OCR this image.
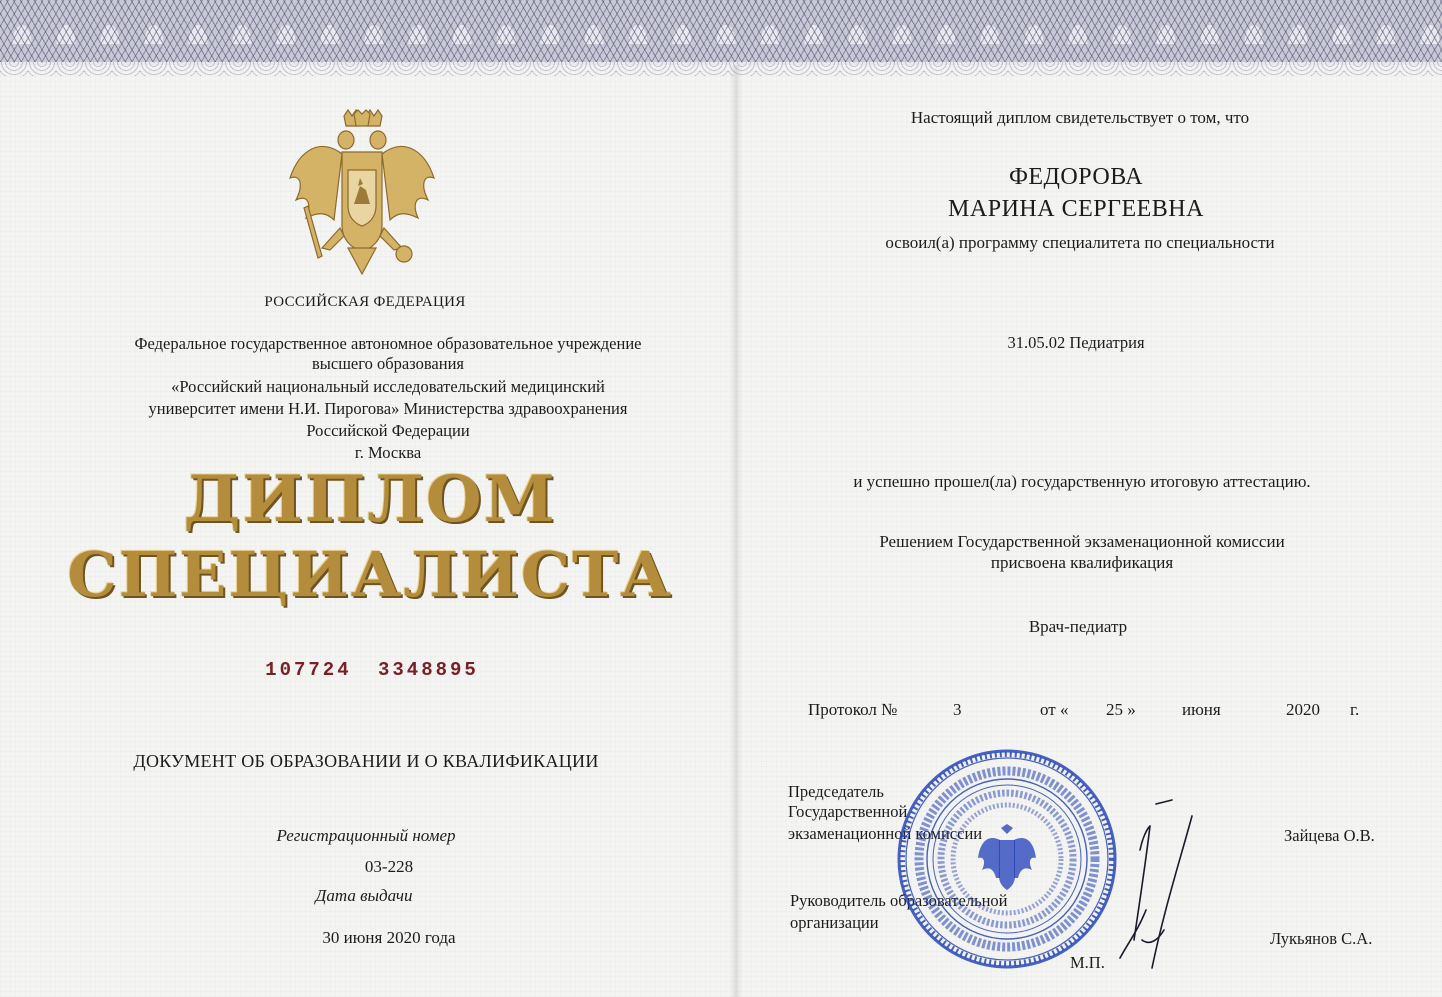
РОССИЙСКАЯ ФЕДЕРАЦИЯ
Федеральное государственное автономное образовательное учреждение
высшего образования
«Российский национальный исследовательский медицинский
университет имени Н.И. Пирогова» Министерства здравоохранения
Российской Федерации
г. Москва
ДИПЛОМ
СПЕЦИАЛИСТА
107724 3348895
ДОКУМЕНТ ОБ ОБРАЗОВАНИИ И О КВАЛИФИКАЦИИ
Регистрационный номер
03-228
Дата выдачи
30 июня 2020 года
Настоящий диплом свидетельствует о том, что
ФЕДОРОВА
МАРИНА СЕРГЕЕВНА
освоил(а) программу специалитета по специальности
31.05.02 Педиатрия
и успешно прошел(ла) государственную итоговую аттестацию.
Решением Государственной экзаменационной комиссии
присвоена квалификация
Врач-педиатр
Протокол №	3	от « 25 »	июня	2020 г.
Председатель
Государственной
экзаменационной комиссии	Зайцева О.В.
Руководитель образовательной
организации
Лукьянов С.А.
М.П.
